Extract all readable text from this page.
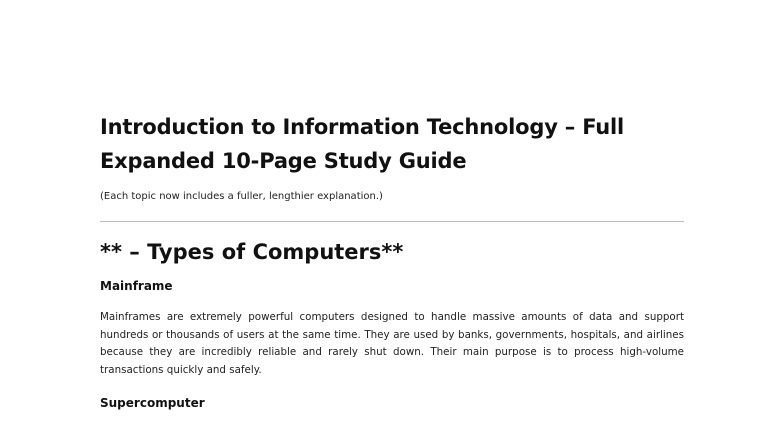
Introduction to Information Technology – Full Expanded 10-Page Study Guide

(Each topic now includes a fuller, lengthier explanation.)

** – Types of Computers**
Mainframe

Mainframes are extremely powerful computers designed to handle massive amounts of data and support hundreds or thousands of users at the same time. They are used by banks, governments, hospitals, and airlines because they are incredibly reliable and rarely shut down. Their main purpose is to process high-volume transactions quickly and safely.

Supercomputer
